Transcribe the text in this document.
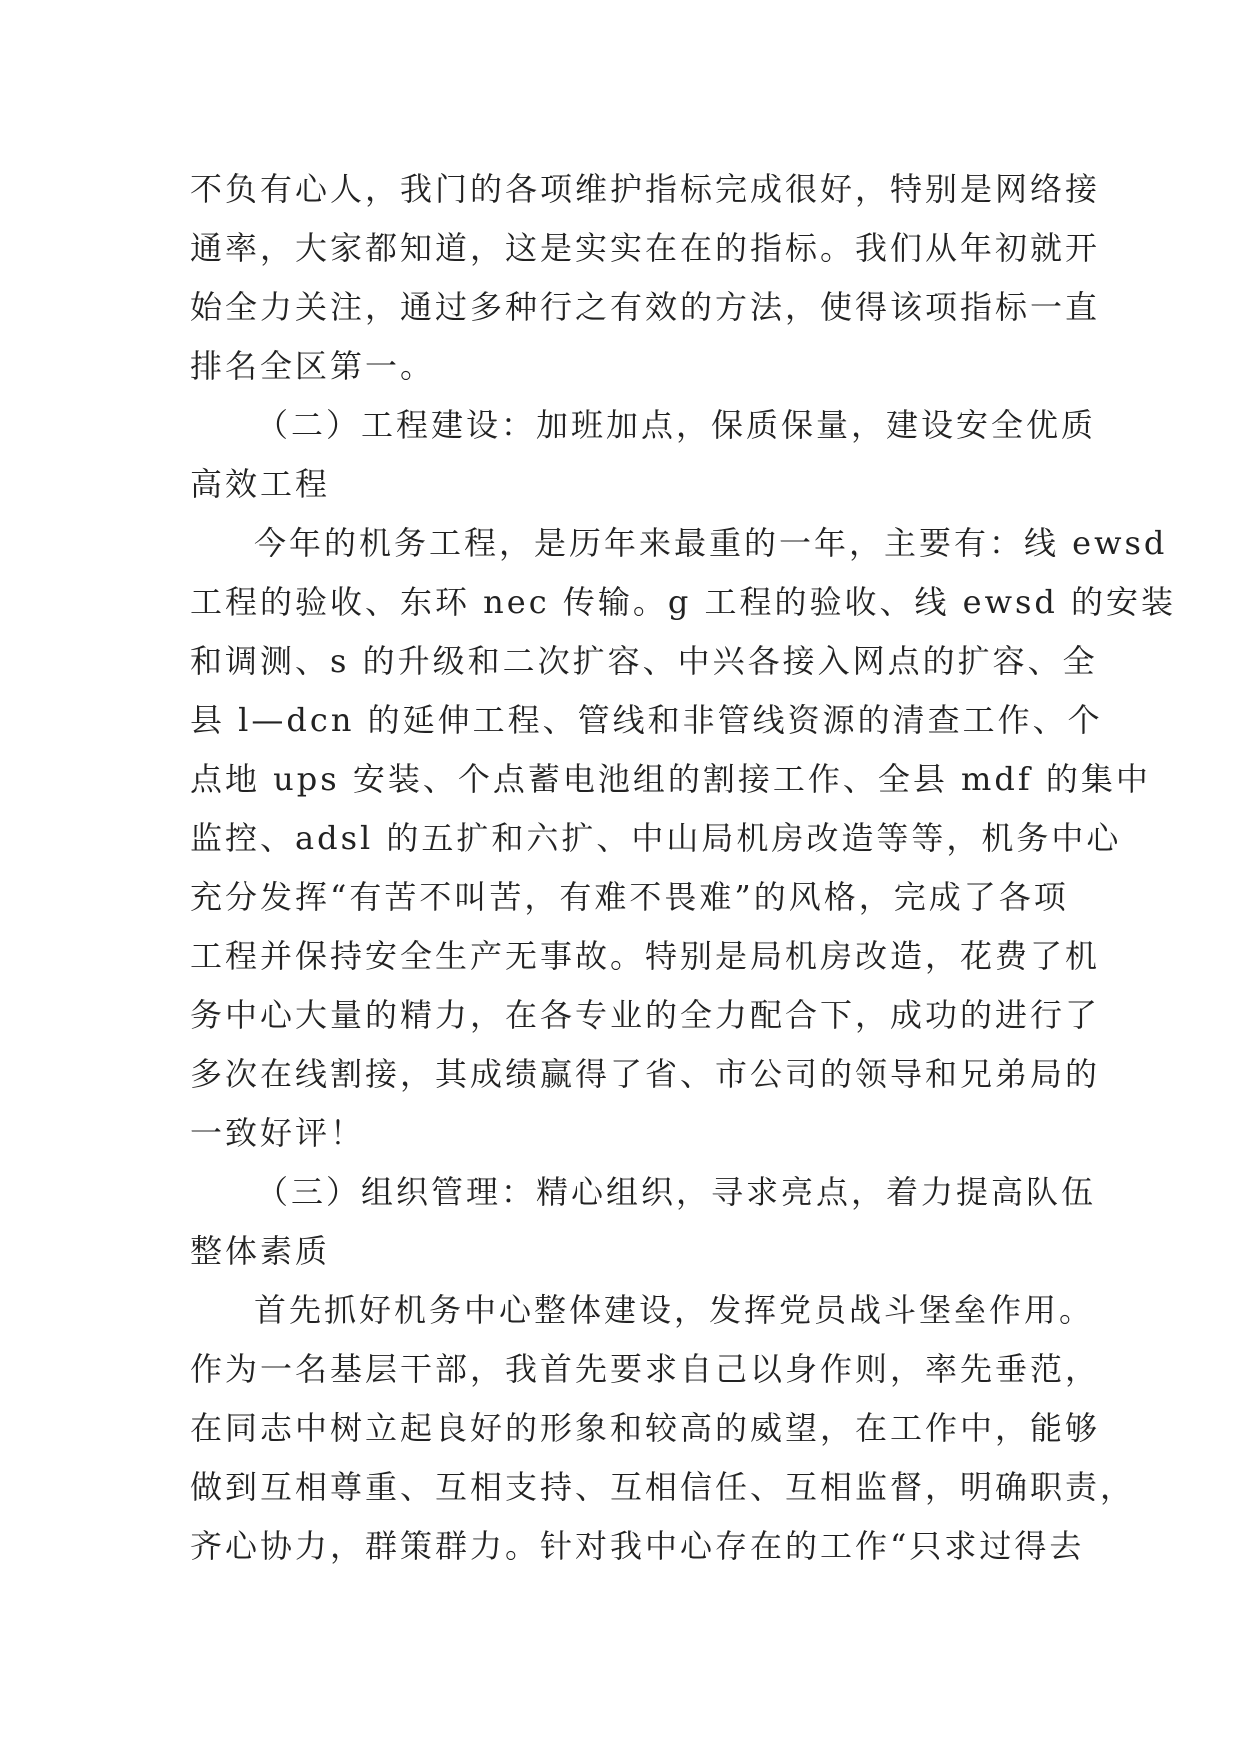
不负有心人，我门的各项维护指标完成很好，特别是网络接
通率，大家都知道，这是实实在在的指标。我们从年初就开
始全力关注，通过多种行之有效的方法，使得该项指标一直
排名全区第一。
（二）工程建设：加班加点，保质保量，建设安全优质
高效工程
今年的机务工程，是历年来最重的一年，主要有：线 ewsd
工程的验收、东环 nec 传输。g 工程的验收、线 ewsd 的安装
和调测、s 的升级和二次扩容、中兴各接入网点的扩容、全
县 l—dcn 的延伸工程、管线和非管线资源的清查工作、个
点地 ups 安装、个点蓄电池组的割接工作、全县 mdf 的集中
监控、adsl 的五扩和六扩、中山局机房改造等等，机务中心
充分发挥“有苦不叫苦，有难不畏难”的风格，完成了各项
工程并保持安全生产无事故。特别是局机房改造，花费了机
务中心大量的精力，在各专业的全力配合下，成功的进行了
多次在线割接，其成绩赢得了省、市公司的领导和兄弟局的
一致好评！
（三）组织管理：精心组织，寻求亮点，着力提高队伍
整体素质
首先抓好机务中心整体建设，发挥党员战斗堡垒作用。
作为一名基层干部，我首先要求自己以身作则，率先垂范，
在同志中树立起良好的形象和较高的威望，在工作中，能够
做到互相尊重、互相支持、互相信任、互相监督，明确职责，
齐心协力，群策群力。针对我中心存在的工作“只求过得去
